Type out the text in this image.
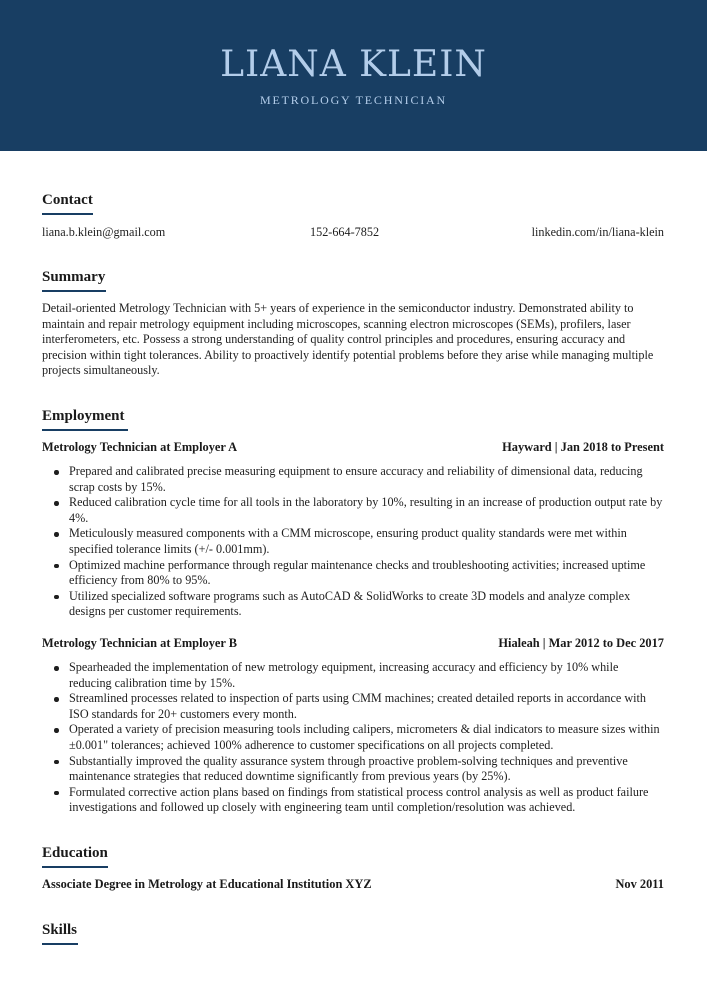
LIANA KLEIN
METROLOGY TECHNICIAN
Contact
liana.b.klein@gmail.com	152-664-7852	linkedin.com/in/liana-klein
Summary
Detail-oriented Metrology Technician with 5+ years of experience in the semiconductor industry. Demonstrated ability to maintain and repair metrology equipment including microscopes, scanning electron microscopes (SEMs), profilers, laser interferometers, etc. Possess a strong understanding of quality control principles and procedures, ensuring accuracy and precision within tight tolerances. Ability to proactively identify potential problems before they arise while managing multiple projects simultaneously.
Employment
Metrology Technician at Employer A	Hayward | Jan 2018 to Present
Prepared and calibrated precise measuring equipment to ensure accuracy and reliability of dimensional data, reducing scrap costs by 15%.
Reduced calibration cycle time for all tools in the laboratory by 10%, resulting in an increase of production output rate by 4%.
Meticulously measured components with a CMM microscope, ensuring product quality standards were met within specified tolerance limits (+/- 0.001mm).
Optimized machine performance through regular maintenance checks and troubleshooting activities; increased uptime efficiency from 80% to 95%.
Utilized specialized software programs such as AutoCAD & SolidWorks to create 3D models and analyze complex designs per customer requirements.
Metrology Technician at Employer B	Hialeah | Mar 2012 to Dec 2017
Spearheaded the implementation of new metrology equipment, increasing accuracy and efficiency by 10% while reducing calibration time by 15%.
Streamlined processes related to inspection of parts using CMM machines; created detailed reports in accordance with ISO standards for 20+ customers every month.
Operated a variety of precision measuring tools including calipers, micrometers & dial indicators to measure sizes within ±0.001" tolerances; achieved 100% adherence to customer specifications on all projects completed.
Substantially improved the quality assurance system through proactive problem-solving techniques and preventive maintenance strategies that reduced downtime significantly from previous years (by 25%).
Formulated corrective action plans based on findings from statistical process control analysis as well as product failure investigations and followed up closely with engineering team until completion/resolution was achieved.
Education
Associate Degree in Metrology at Educational Institution XYZ	Nov 2011
Skills
